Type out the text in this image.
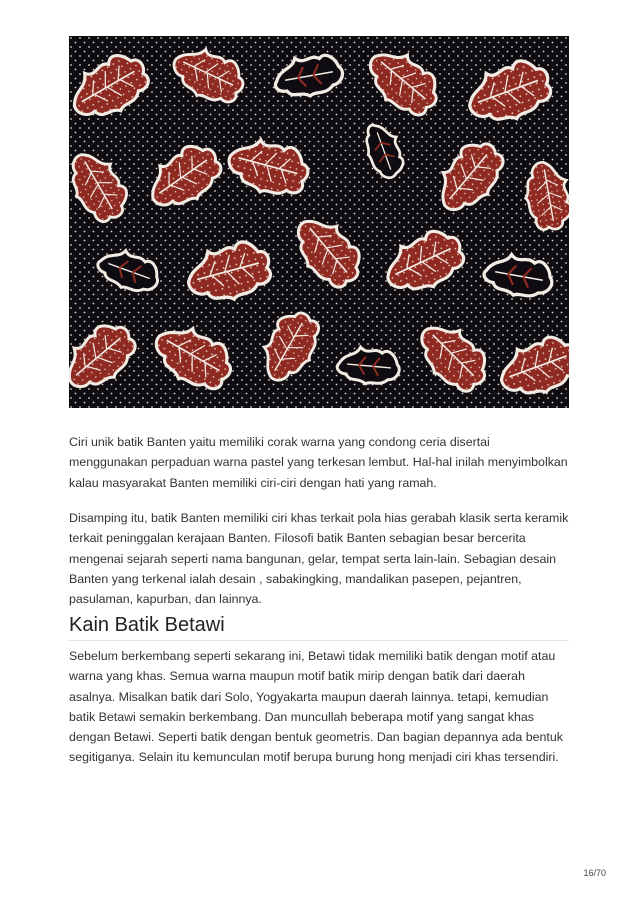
Ciri unik batik Banten yaitu memiliki corak warna yang condong ceria disertai menggunakan perpaduan warna pastel yang terkesan lembut. Hal-hal inilah menyimbolkan kalau masyarakat Banten memiliki ciri-ciri dengan hati yang ramah.

Disamping itu, batik Banten memiliki ciri khas terkait pola hias gerabah klasik serta keramik terkait peninggalan kerajaan Banten. Filosofi batik Banten sebagian besar bercerita mengenai sejarah seperti nama bangunan, gelar, tempat serta lain-lain. Sebagian desain Banten yang terkenal ialah desain , sabakingking, mandalikan pasepen, pejantren, pasulaman, kapurban, dan lainnya.

Kain Batik Betawi

Sebelum berkembang seperti sekarang ini, Betawi tidak memiliki batik dengan motif atau warna yang khas. Semua warna maupun motif batik mirip dengan batik dari daerah asalnya. Misalkan batik dari Solo, Yogyakarta maupun daerah lainnya. tetapi, kemudian batik Betawi semakin berkembang. Dan muncullah beberapa motif yang sangat khas dengan Betawi. Seperti batik dengan bentuk geometris. Dan bagian depannya ada bentuk segitiganya. Selain itu kemunculan motif berupa burung hong menjadi ciri khas tersendiri.

16/70
